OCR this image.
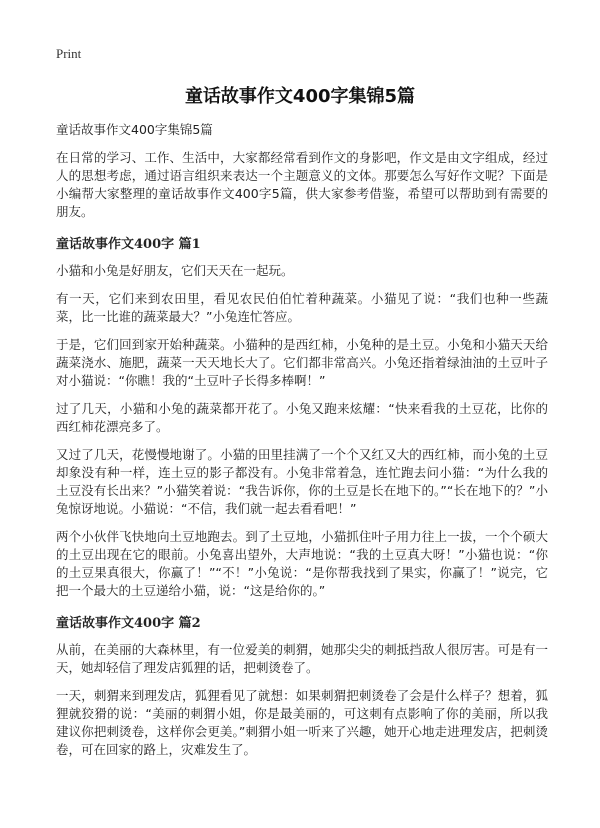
Print
童话故事作文400字集锦5篇
童话故事作文400字集锦5篇

在日常的学习、工作、生活中，大家都经常看到作文的身影吧，作文是由文字组成，经过人的思想考虑，通过语言组织来表达一个主题意义的文体。那要怎么写好作文呢？下面是小编帮大家整理的童话故事作文400字5篇，供大家参考借鉴，希望可以帮助到有需要的朋友。

童话故事作文400字 篇1

小猫和小兔是好朋友，它们天天在一起玩。

有一天，它们来到农田里，看见农民伯伯忙着种蔬菜。小猫见了说：“我们也种一些蔬菜，比一比谁的蔬菜最大？”小兔连忙答应。

于是，它们回到家开始种蔬菜。小猫种的是西红柿，小兔种的是土豆。小兔和小猫天天给蔬菜浇水、施肥，蔬菜一天天地长大了。它们都非常高兴。小兔还指着绿油油的土豆叶子对小猫说：“你瞧！我的“土豆叶子长得多棒啊！”

过了几天，小猫和小兔的蔬菜都开花了。小兔又跑来炫耀：“快来看我的土豆花，比你的西红柿花漂亮多了。

又过了几天，花慢慢地谢了。小猫的田里挂满了一个个又红又大的西红柿，而小兔的土豆却象没有种一样，连土豆的影子都没有。小兔非常着急，连忙跑去问小猫：“为什么我的土豆没有长出来？”小猫笑着说：“我告诉你，你的土豆是长在地下的。”“长在地下的？”小兔惊讶地说。小猫说：“不信，我们就一起去看看吧！”

两个小伙伴飞快地向土豆地跑去。到了土豆地，小猫抓住叶子用力往上一拔，一个个硕大的土豆出现在它的眼前。小兔喜出望外，大声地说：“我的土豆真大呀！”小猫也说：“你的土豆果真很大，你赢了！”“不！”小兔说：“是你帮我找到了果实，你赢了！”说完，它把一个最大的土豆递给小猫，说：“这是给你的。”

童话故事作文400字 篇2

从前，在美丽的大森林里，有一位爱美的刺猬，她那尖尖的刺抵挡敌人很厉害。可是有一天，她却轻信了理发店狐狸的话，把刺烫卷了。

一天，刺猬来到理发店，狐狸看见了就想：如果刺猬把刺烫卷了会是什么样子？想着，狐狸就狡猾的说：“美丽的刺猬小姐，你是最美丽的，可这刺有点影响了你的美丽，所以我建议你把刺烫卷，这样你会更美。”刺猬小姐一听来了兴趣，她开心地走进理发店，把刺烫卷，可在回家的路上，灾难发生了。
